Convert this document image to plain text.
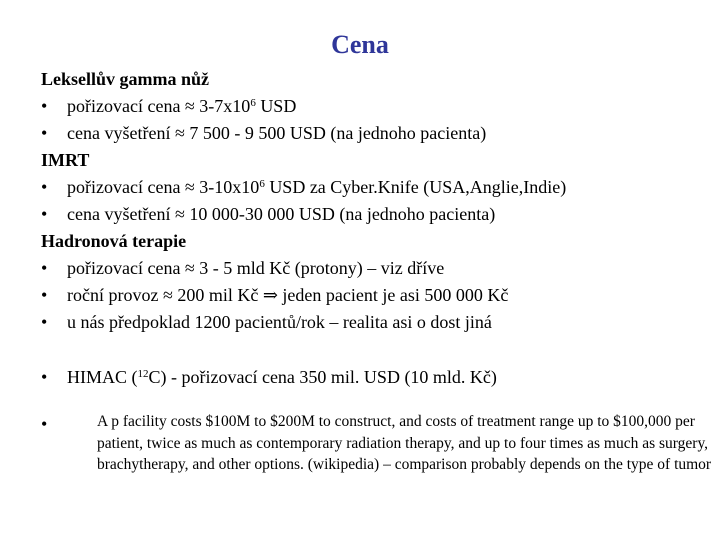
Cena
Leksellův gamma nůž
•	pořizovací cena ≈ $3-7x10^6$ USD
•	cena vyšetření ≈ 7 500 - 9 500 USD (na jednoho pacienta)
IMRT
•	pořizovací cena ≈ $3-10x10^6$ USD za Cyber.Knife (USA,Anglie,Indie)
•	cena vyšetření ≈ 10 000-30 000 USD (na jednoho pacienta)
Hadronová terapie
•	pořizovací cena ≈ 3 - 5 mld Kč (protony) – viz dříve
•	roční provoz ≈ 200 mil Kč ⇒ jeden pacient je asi 500 000 Kč
•	u nás předpoklad 1200 pacientů/rok – realita asi o dost jiná
•	HIMAC ($^{12}$C) - pořizovací cena 350 mil. USD (10 mld. Kč)
•	A p facility costs $100M to $200M to construct, and costs of treatment range up to $100,000 per patient, twice as much as contemporary radiation therapy, and up to four times as much as surgery, brachytherapy, and other options. (wikipedia) – comparison probably depends on the type of tumor
